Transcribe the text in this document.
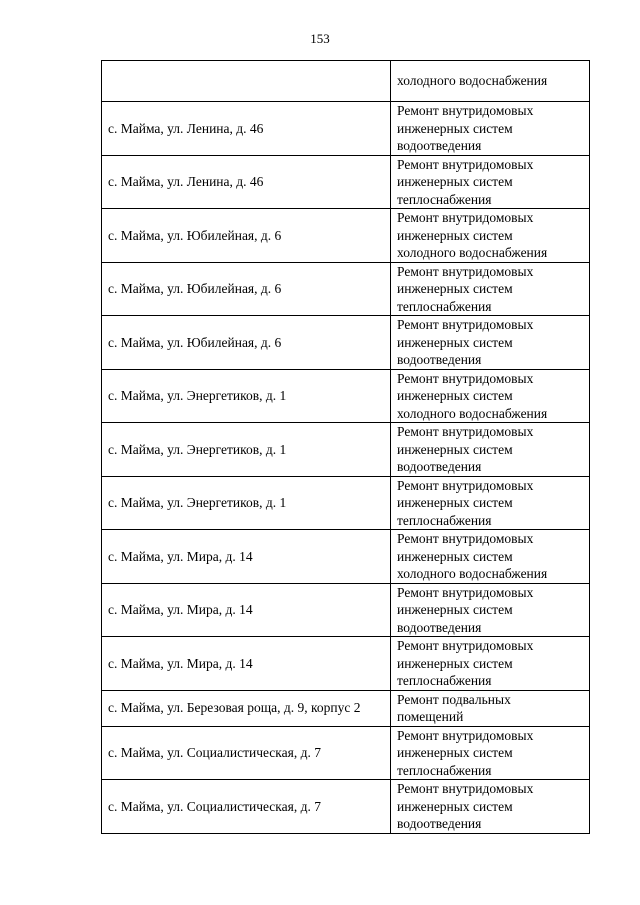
153
	холодного водоснабжения
с. Майма, ул. Ленина, д. 46	Ремонт внутридомовых
инженерных систем
водоотведения
с. Майма, ул. Ленина, д. 46	Ремонт внутридомовых
инженерных систем
теплоснабжения
с. Майма, ул. Юбилейная, д. 6	Ремонт внутридомовых
инженерных систем
холодного водоснабжения
с. Майма, ул. Юбилейная, д. 6	Ремонт внутридомовых
инженерных систем
теплоснабжения
с. Майма, ул. Юбилейная, д. 6	Ремонт внутридомовых
инженерных систем
водоотведения
с. Майма, ул. Энергетиков, д. 1	Ремонт внутридомовых
инженерных систем
холодного водоснабжения
с. Майма, ул. Энергетиков, д. 1	Ремонт внутридомовых
инженерных систем
водоотведения
с. Майма, ул. Энергетиков, д. 1	Ремонт внутридомовых
инженерных систем
теплоснабжения
с. Майма, ул. Мира, д. 14	Ремонт внутридомовых
инженерных систем
холодного водоснабжения
с. Майма, ул. Мира, д. 14	Ремонт внутридомовых
инженерных систем
водоотведения
с. Майма, ул. Мира, д. 14	Ремонт внутридомовых
инженерных систем
теплоснабжения
с. Майма, ул. Березовая роща, д. 9, корпус 2	Ремонт подвальных
помещений
с. Майма, ул. Социалистическая, д. 7	Ремонт внутридомовых
инженерных систем
теплоснабжения
с. Майма, ул. Социалистическая, д. 7	Ремонт внутридомовых
инженерных систем
водоотведения
